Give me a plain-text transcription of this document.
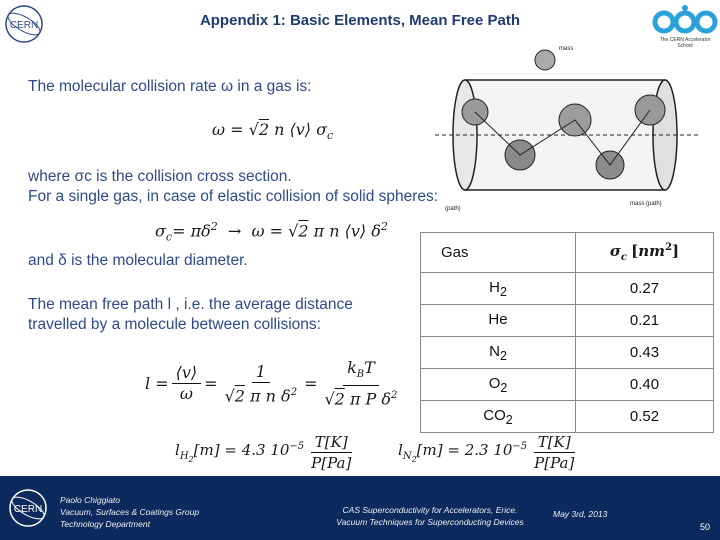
CERN	Appendix 1: Basic Elements, Mean Free Path
The CERN Accelerator School
The molecular collision rate ω in a gas is:
ω = √2 n ⟨v⟩ $\sigma_c$
where σc is the collision cross section.
For a single gas, in case of elastic collision of solid spheres:
$\sigma_c= \pi\delta^2 \to \omega = √2$ π n ⟨v⟩ $\delta^2$
and δ is the molecular diameter.
The mean free path l , i.e. the average distance
travelled by a molecule between collisions:
$l = \frac{⟨v⟩}{\omega} = \frac{1}{√2 \pi n \delta^2} = \frac{k_BT}{√2 \pi P \delta^2}$
$l_{H_2}[m] = 4.3$ $10^{-5} \frac{T[K]}{P[Pa]}$	$l_{N_2}[m] = 2.3$ $10^{-5} \frac{T[K]}{P[Pa]}$
mass
(path)
mass (path)
Gas	$\sigma_c$ $[nm^2]$
$H_2$	0.27
He	0.21
$N_2$	0.43
$O_2$	0.40
$CO_2$	0.52
CERN
Paolo Chiggiato
Vacuum, Surfaces & Coatings Group
Technology Department
CAS Superconductivity for Accelerators, Erice.
Vacuum Techniques for Superconducting Devices
May 3rd, 2013
50
